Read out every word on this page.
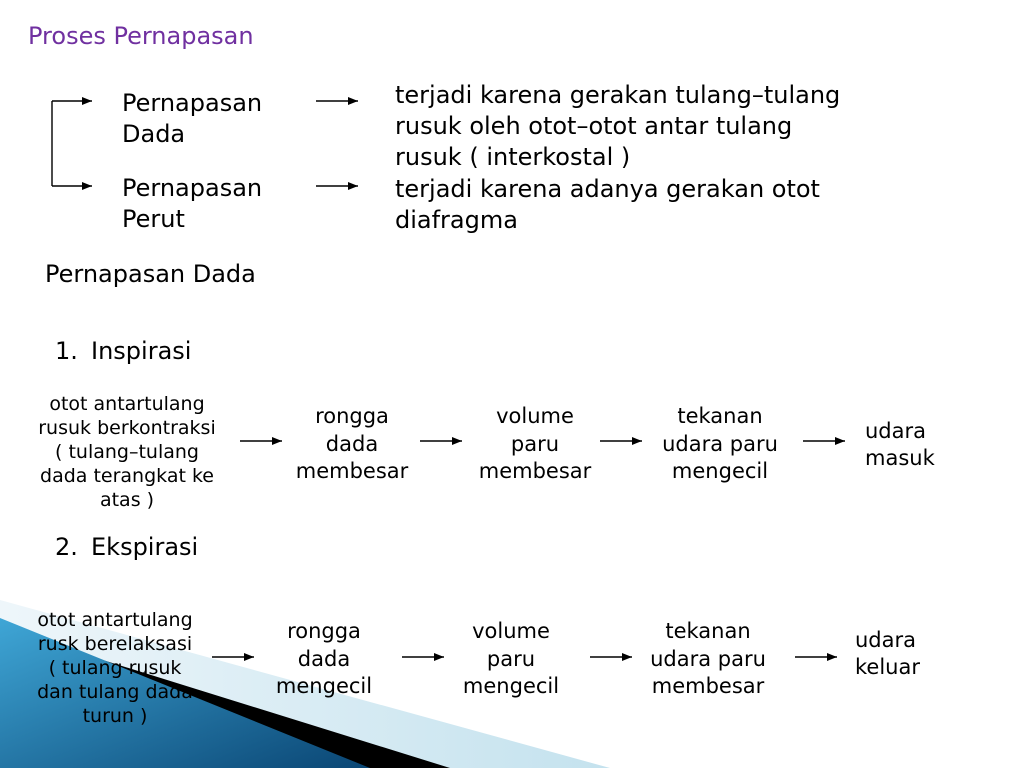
Proses Pernapasan
Pernapasan
Dada
terjadi karena gerakan tulang–tulang
rusuk oleh otot–otot antar tulang
rusuk ( interkostal )
Pernapasan
Perut
terjadi karena adanya gerakan otot
diafragma
Pernapasan Dada
1. Inspirasi
otot antartulang
rusuk berkontraksi
( tulang–tulang
dada terangkat ke
atas )
rongga
dada
membesar
volume
paru
membesar
tekanan
udara paru
mengecil
udara
masuk
2. Ekspirasi
otot antartulang
rusk berelaksasi
( tulang rusuk
dan tulang dada
turun )
rongga
dada
mengecil
volume
paru
mengecil
tekanan
udara paru
membesar
udara
keluar
